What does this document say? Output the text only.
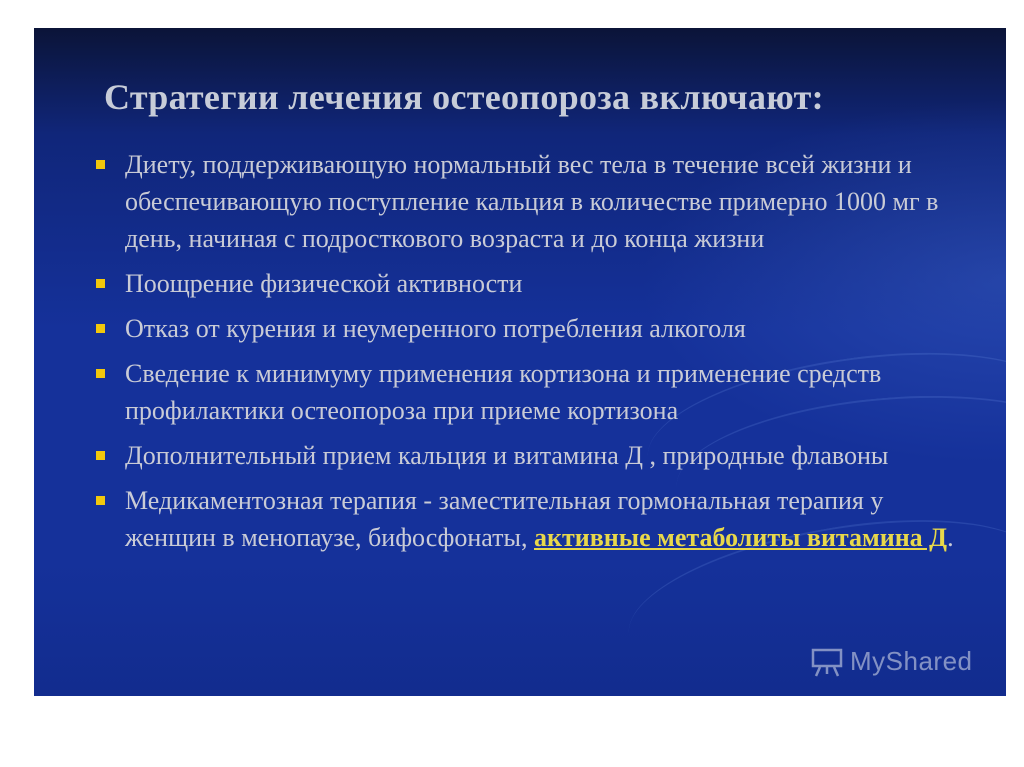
Стратегии лечения остеопороза включают:
Диету, поддерживающую нормальный вес тела в течение всей жизни и обеспечивающую поступление кальция в количестве примерно 1000 мг в день, начиная с подросткового возраста и до конца жизни
Поощрение физической активности
Отказ от курения и неумеренного потребления алкоголя
Сведение к минимуму применения кортизона и применение средств профилактики остеопороза при приеме кортизона
Дополнительный прием кальция и витамина Д , природные флавоны
Медикаментозная терапия - заместительная гормональная терапия у женщин в менопаузе, бифосфонаты, активные метаболиты витамина Д.
MyShared
